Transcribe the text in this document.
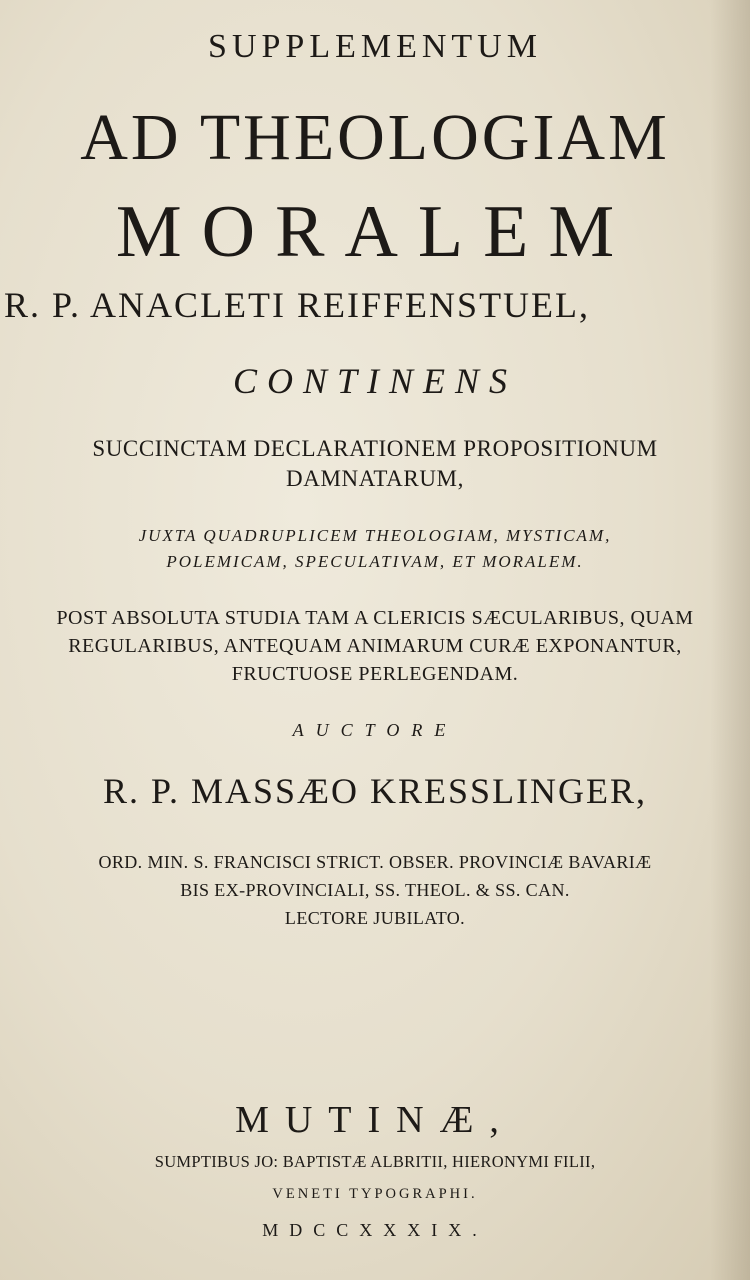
SUPPLEMENTUM
AD THEOLOGIAM
MORALEM
R. P. ANACLETI REIFFENSTUEL,
CONTINENS
SUCCINCTAM DECLARATIONEM PROPOSITIONUM
DAMNATARUM,
JUXTA QUADRUPLICEM THEOLOGIAM, MYSTICAM,
POLEMICAM, SPECULATIVAM, ET MORALEM.
POST ABSOLUTA STUDIA TAM A CLERICIS SÆCULARIBUS, QUAM
REGULARIBUS, ANTEQUAM ANIMARUM CURÆ EXPONANTUR,
FRUCTUOSE PERLEGENDAM.
AUCTORE
R. P. MASSÆO KRESSLINGER,
ORD. MIN. S. FRANCISCI STRICT. OBSER. PROVINCIÆ BAVARIÆ
BIS EX-PROVINCIALI, SS. THEOL. & SS. CAN.
LECTORE JUBILATO.
MUTINÆ,
SUMPTIBUS JO: BAPTISTÆ ALBRITII, HIERONYMI FILII,
VENETI TYPOGRAPHI.
MDCCXXXIX.
